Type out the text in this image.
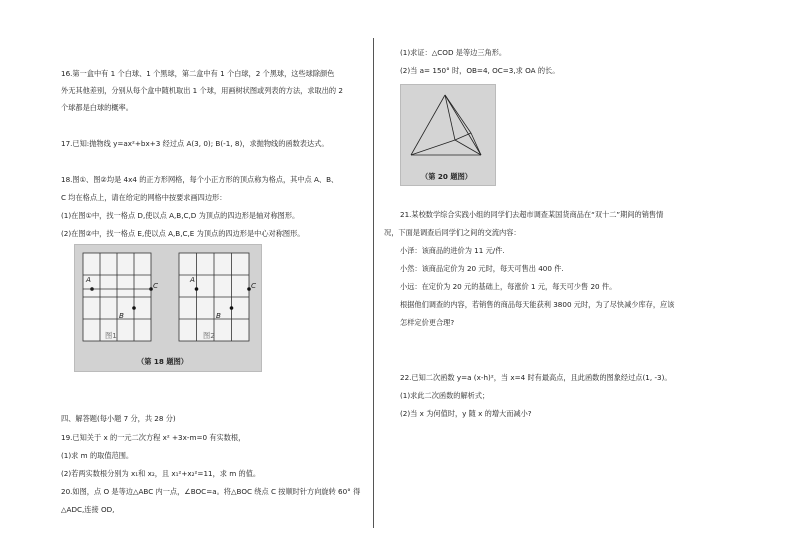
16.第一盒中有 1 个白球、1 个黑球，第二盒中有 1 个白球，2 个黑球，这些球除颜色
外无其他差别，分别从每个盒中随机取出 1 个球，用画树状图或列表的方法，求取出的 2
个球都是白球的概率。
17.已知:抛物线 y=ax²+bx+3 经过点 A(3, 0); B(-1, 8)，求抛物线的函数表达式。
18.图①、图②均是 4x4 的正方形网格，每个小正方形的顶点称为格点，其中点 A、B、
C 均在格点上，请在给定的网格中按要求画四边形：
(1)在图①中，找一格点 D,使以点 A,B,C,D 为顶点的四边形是轴对称图形。
(2)在图②中，找一格点 E,使以点 A,B,C,E 为顶点的四边形是中心对称图形。
A
C
B
A
C
B
图1	图2
（第 18 题图）
四、解答题(每小题 7 分，共 28 分)
19.已知关于 x 的一元二次方程 x² +3x-m=0 有实数根，
(1)求 m 的取值范围。
(2)若两实数根分别为 x₁和 x₂，且 x₁²+x₂²=11，求 m 的值。
20.如图，点 O 是等边△ABC 内一点，∠BOC=a。将△BOC 绕点 C 按顺时针方向旋转 60° 得
△ADC,连接 OD,
(1)求证：△COD 是等边三角形。
(2)当 a= 150° 时，OB=4, OC=3,求 OA 的长。
（第 20 题图）
21.某校数学综合实践小组的同学们去超市调查某国货商品在“双十二”期间的销售情
况，下面是调查后同学们之间的交流内容：
小泽：该商品的进价为 11 元/件.
小然：该商品定价为 20 元时，每天可售出 400 件.
小远：在定价为 20 元的基础上，每涨价 1 元，每天可少售 20 件。
根据他们调查的内容，若销售的商品每天能获利 3800 元时，为了尽快减少库存，应该
怎样定价更合理?
22.已知二次函数 y=a (x-h)²，当 x=4 时有最高点，且此函数的图象经过点(1, -3)。
(1)求此二次函数的解析式；
(2)当 x 为何值时，y 随 x 的增大而减小?
